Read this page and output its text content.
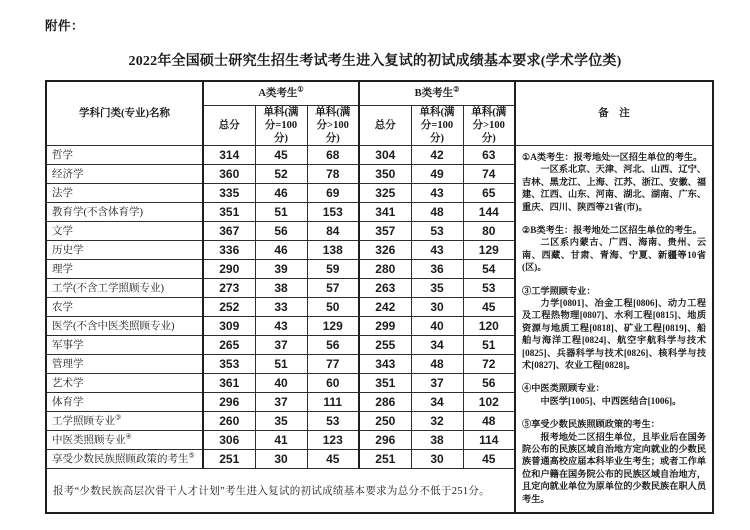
附件：
2022年全国硕士研究生招生考试考生进入复试的初试成绩基本要求(学术学位类)
学科门类(专业)名称	A类考生①			B类考生②			备　注
	总分	单科(满分=100分)	单科(满分>100分)	总分	单科(满分=100分)	单科(满分>100分)	
哲学	314	45	68	304	42	63	①A类考生：报考地处一区招生单位的考生。

一区系北京、天津、河北、山西、辽宁、吉林、黑龙江、上海、江苏、浙江、安徽、福建、江西、山东、河南、湖北、湖南、广东、重庆、四川、陕西等21省(市)。

②B类考生：报考地处二区招生单位的考生。

二区系内蒙古、广西、海南、贵州、云南、西藏、甘肃、青海、宁夏、新疆等10省(区)。

③工学照顾专业：

力学[0801]、冶金工程[0806]、动力工程及工程热物理[0807]、水利工程[0815]、地质资源与地质工程[0818]、矿业工程[0819]、船舶与海洋工程[0824]、航空宇航科学与技术[0825]、兵器科学与技术[0826]、核科学与技术[0827]、农业工程[0828]。

④中医类照顾专业：

中医学[1005]、中西医结合[1006]。

⑤享受少数民族照顾政策的考生：

报考地处二区招生单位，且毕业后在国务院公布的民族区域自治地方定向就业的少数民族普通高校应届本科毕业生考生；或者工作单位和户籍在国务院公布的民族区域自治地方，且定向就业单位为原单位的少数民族在职人员考生。

经济学	360	52	78	350	49	74	
法学	335	46	69	325	43	65	
教育学(不含体育学)	351	51	153	341	48	144	
文学	367	56	84	357	53	80	
历史学	336	46	138	326	43	129	
理学	290	39	59	280	36	54	
工学(不含工学照顾专业)	273	38	57	263	35	53	
农学	252	33	50	242	30	45	
医学(不含中医类照顾专业)	309	43	129	299	40	120	
军事学	265	37	56	255	34	51	
管理学	353	51	77	343	48	72	
艺术学	361	40	60	351	37	56	
体育学	296	37	111	286	34	102	
工学照顾专业③	260	35	53	250	32	48	
中医类照顾专业④	306	41	123	296	38	114	
享受少数民族照顾政策的考生⑤	251	30	45	251	30	45	
报考“少数民族高层次骨干人才计划”考生进入复试的初试成绩基本要求为总分不低于251分。							
